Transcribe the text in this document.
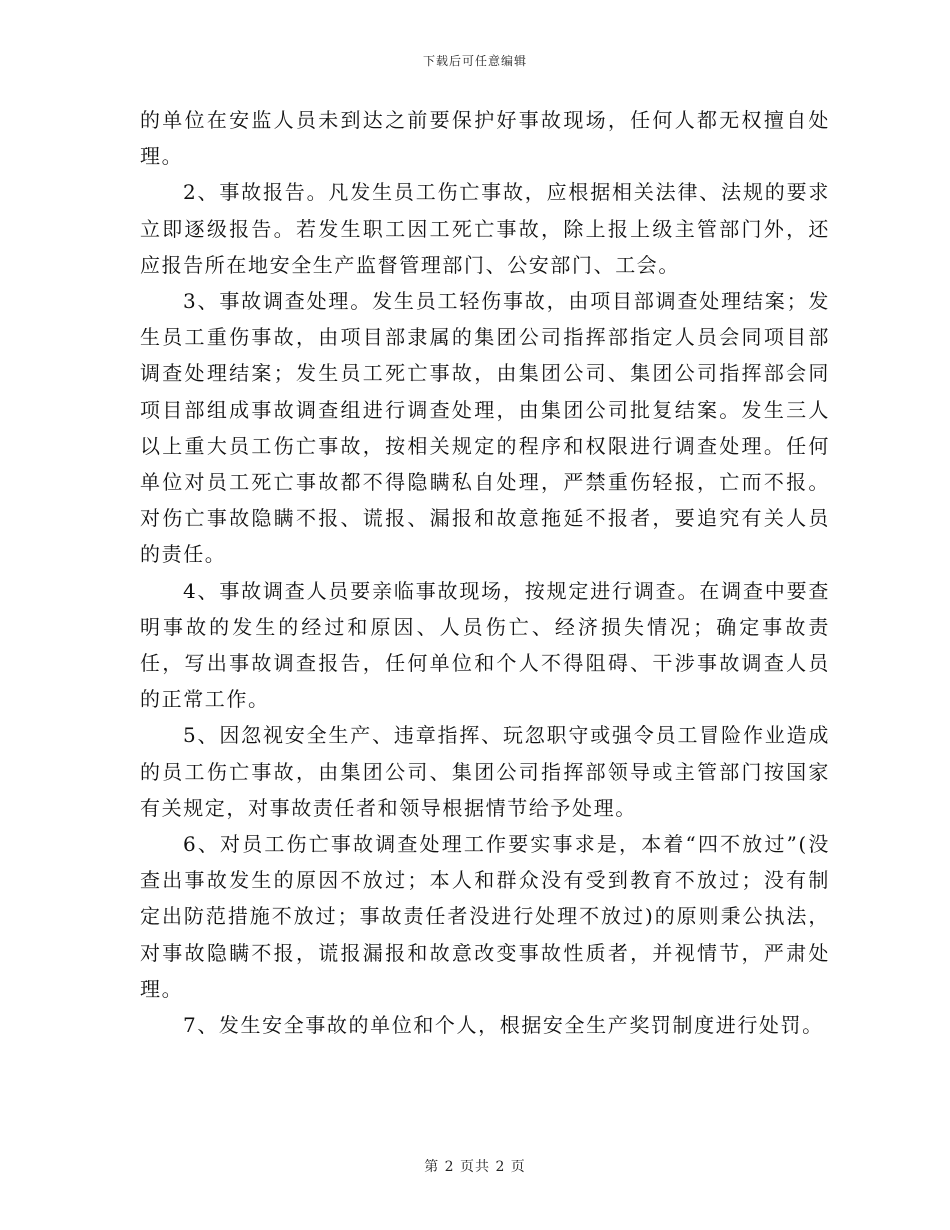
下载后可任意编辑

的单位在安监人员未到达之前要保护好事故现场，任何人都无权擅自处理。

2、事故报告。凡发生员工伤亡事故，应根据相关法律、法规的要求立即逐级报告。若发生职工因工死亡事故，除上报上级主管部门外，还应报告所在地安全生产监督管理部门、公安部门、工会。

3、事故调查处理。发生员工轻伤事故，由项目部调查处理结案；发生员工重伤事故，由项目部隶属的集团公司指挥部指定人员会同项目部调查处理结案；发生员工死亡事故，由集团公司、集团公司指挥部会同项目部组成事故调查组进行调查处理，由集团公司批复结案。发生三人以上重大员工伤亡事故，按相关规定的程序和权限进行调查处理。任何单位对员工死亡事故都不得隐瞒私自处理，严禁重伤轻报，亡而不报。对伤亡事故隐瞒不报、谎报、漏报和故意拖延不报者，要追究有关人员的责任。

4、事故调查人员要亲临事故现场，按规定进行调查。在调查中要查明事故的发生的经过和原因、人员伤亡、经济损失情况；确定事故责任，写出事故调查报告，任何单位和个人不得阻碍、干涉事故调查人员的正常工作。

5、因忽视安全生产、违章指挥、玩忽职守或强令员工冒险作业造成的员工伤亡事故，由集团公司、集团公司指挥部领导或主管部门按国家有关规定，对事故责任者和领导根据情节给予处理。

6、对员工伤亡事故调查处理工作要实事求是，本着“四不放过”(没查出事故发生的原因不放过；本人和群众没有受到教育不放过；没有制定出防范措施不放过；事故责任者没进行处理不放过)的原则秉公执法，对事故隐瞒不报，谎报漏报和故意改变事故性质者，并视情节，严肃处理。

7、发生安全事故的单位和个人，根据安全生产奖罚制度进行处罚。

第 2 页共 2 页
